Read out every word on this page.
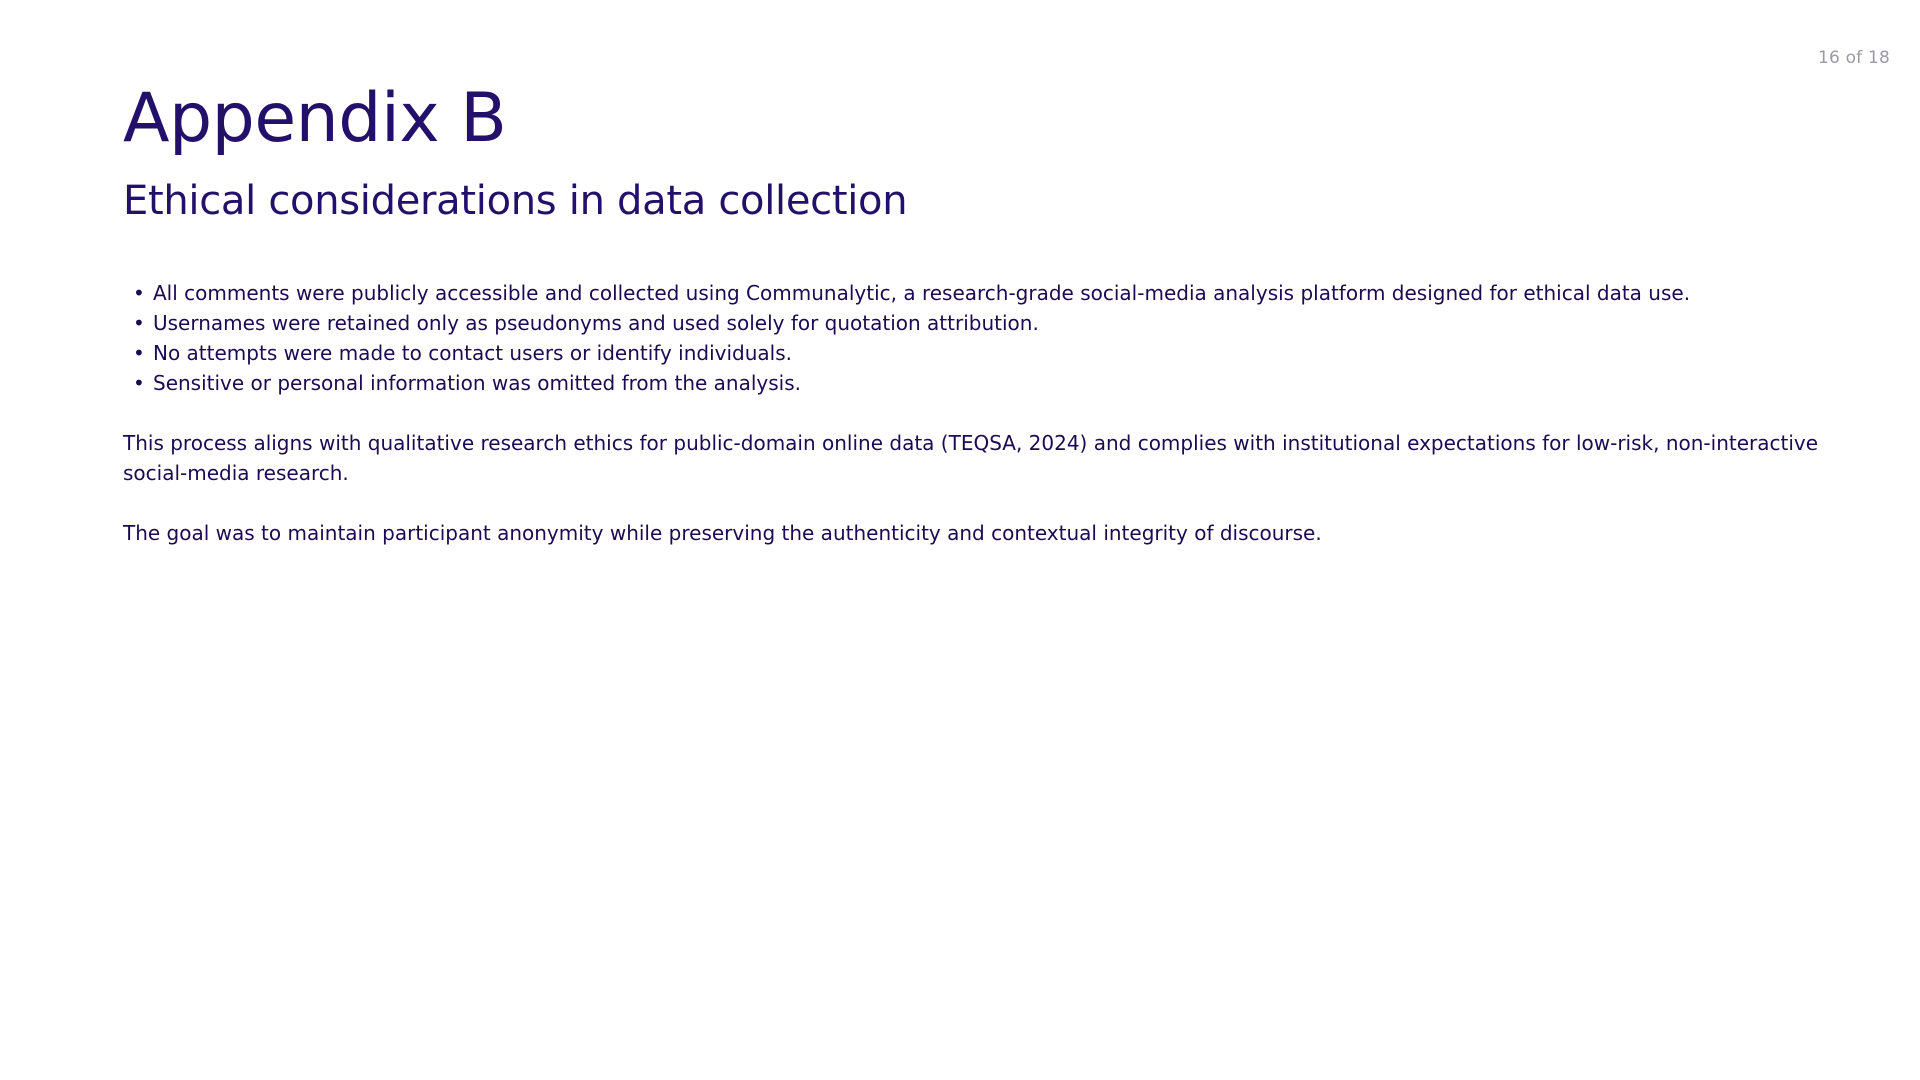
16 of 18
Appendix B
Ethical considerations in data collection
• All comments were publicly accessible and collected using Communalytic, a research-grade social-media analysis platform designed for ethical data use.
• Usernames were retained only as pseudonyms and used solely for quotation attribution.
• No attempts were made to contact users or identify individuals.
• Sensitive or personal information was omitted from the analysis.

This process aligns with qualitative research ethics for public-domain online data (TEQSA, 2024) and complies with institutional expectations for low-risk, non-interactive social-media research.

The goal was to maintain participant anonymity while preserving the authenticity and contextual integrity of discourse.
